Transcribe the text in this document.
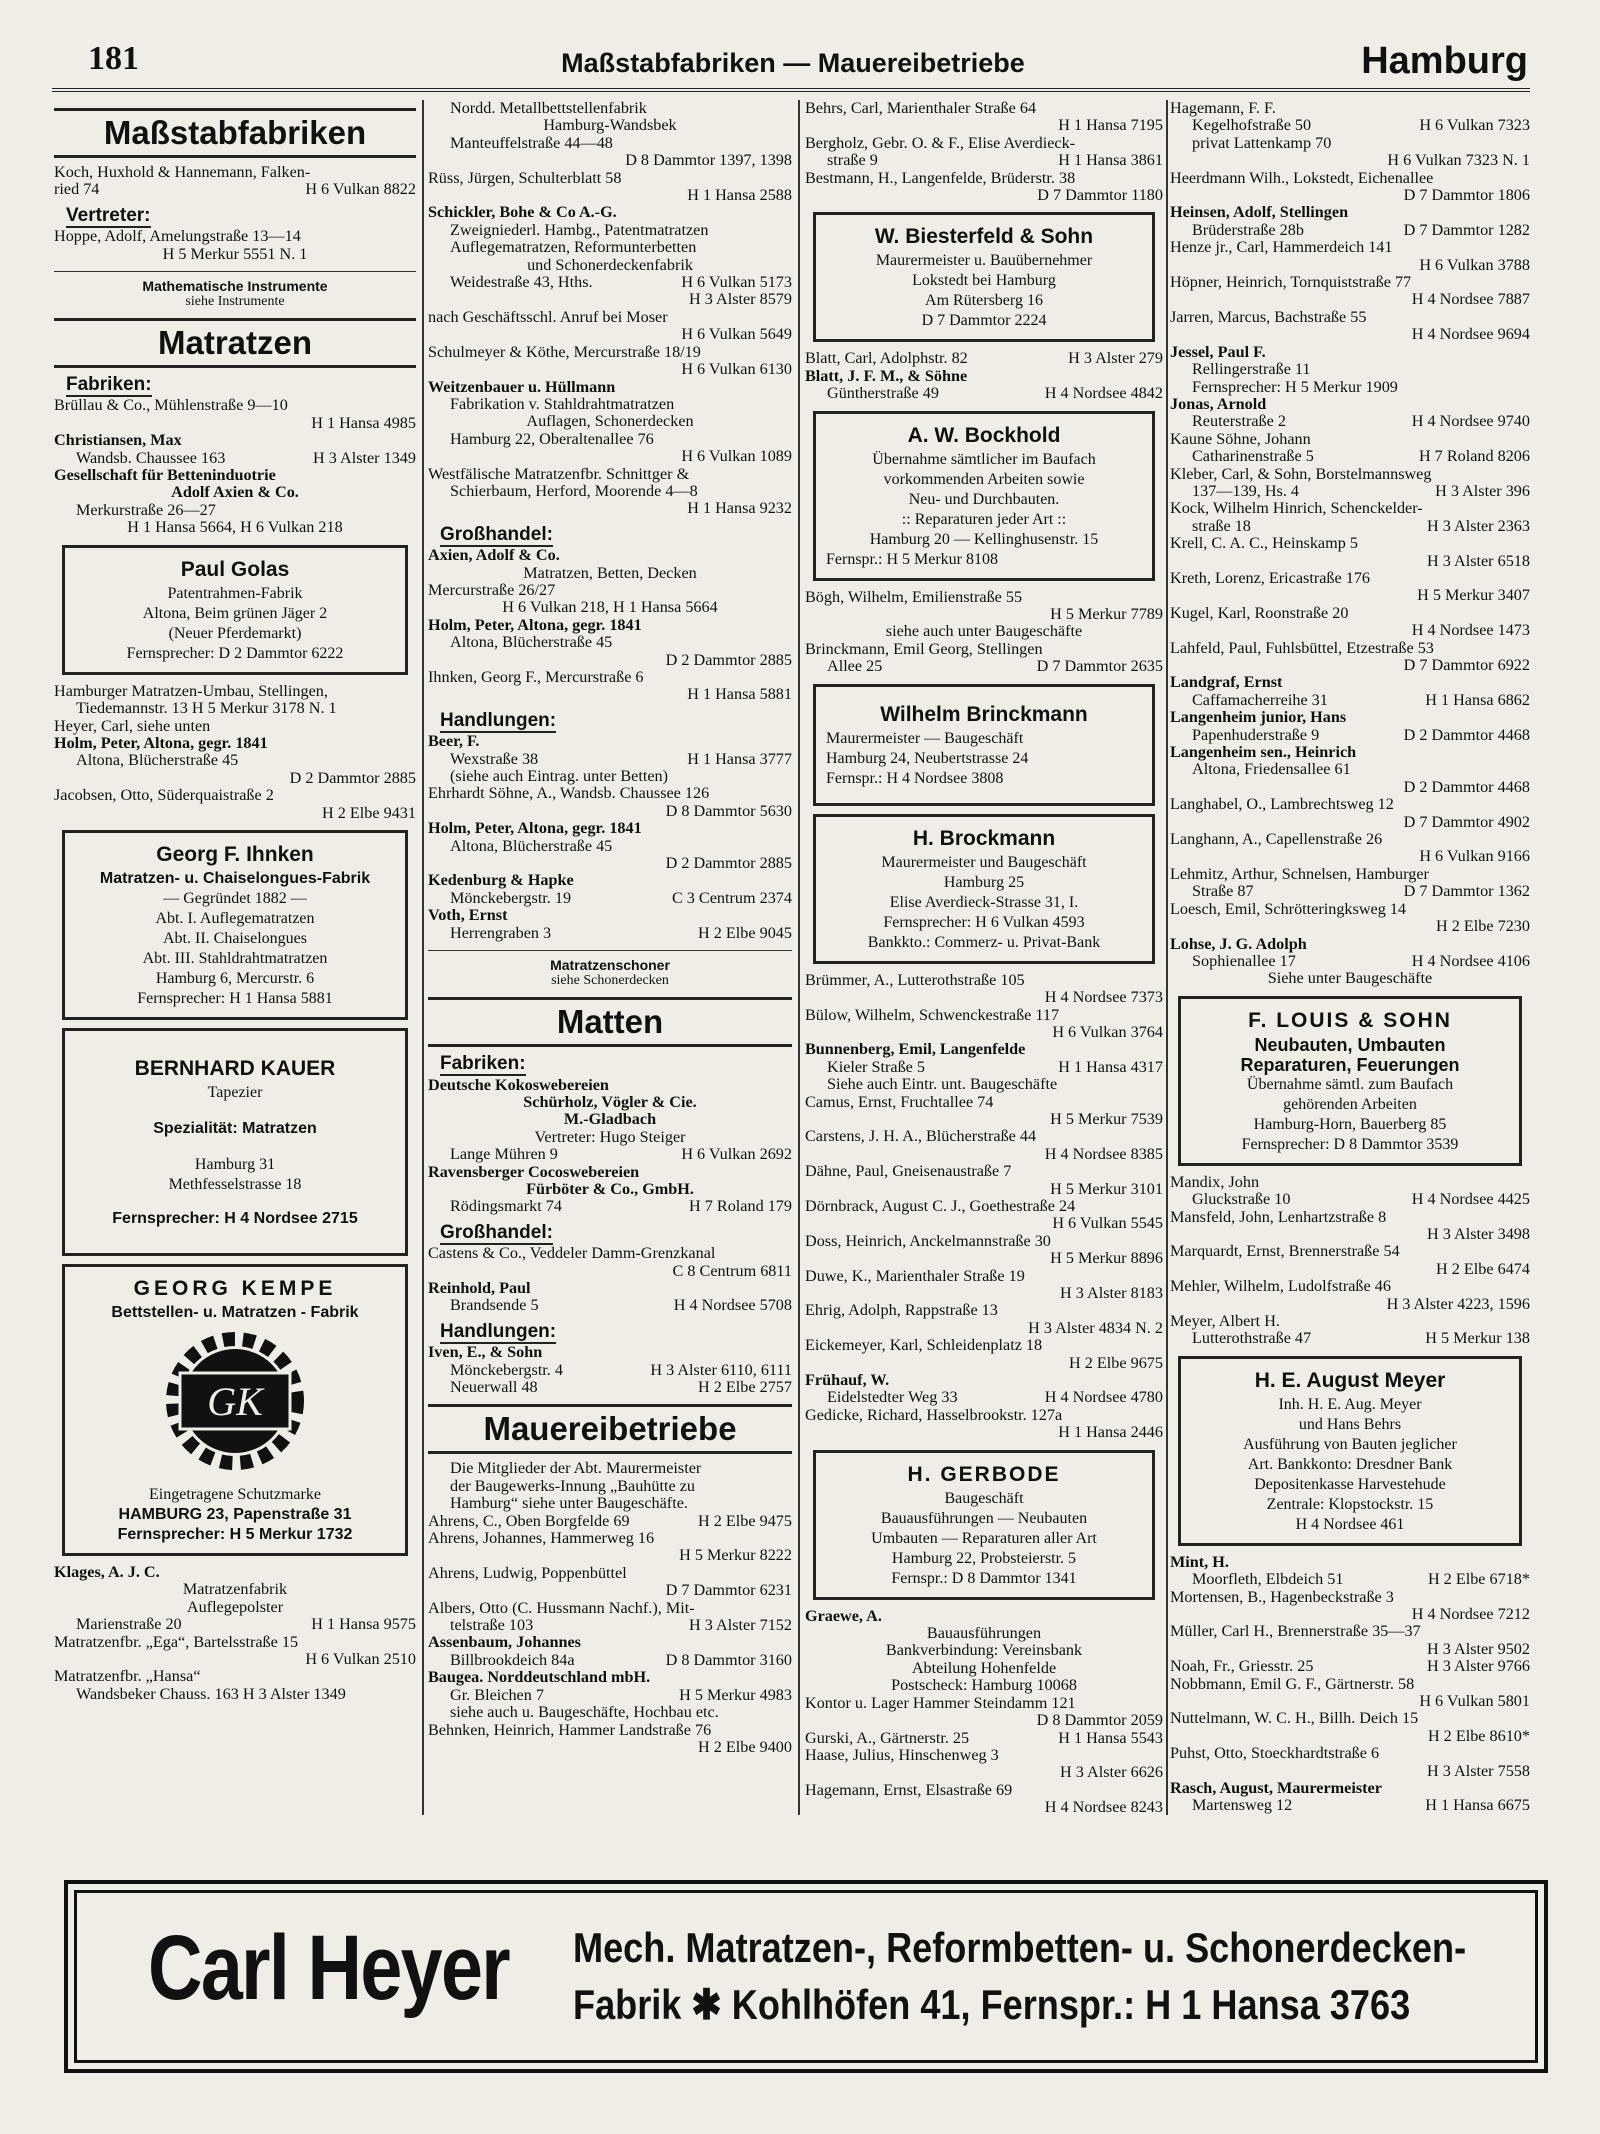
181	Maßstabfabriken — Mauereibetriebe	Hamburg
Maßstabfabriken
Koch, Huxhold & Hannemann, Falken-
ried 74	H 6 Vulkan 8822
Vertreter:
Hoppe, Adolf, Amelungstraße 13—14
H 5 Merkur 5551 N. 1
Mathematische Instrumente
siehe Instrumente
Matratzen
Fabriken:
Brüllau & Co., Mühlenstraße 9—10
H 1 Hansa 4985

Christiansen, Max
Wandsb. Chaussee 163	H 3 Alster 1349
Gesellschaft für Betteninduotrie
Adolf Axien & Co.
Merkurstraße 26—27
H 1 Hansa 5664, H 6 Vulkan 218
Paul Golas
Patentrahmen-Fabrik
Altona, Beim grünen Jäger 2
(Neuer Pferdemarkt)
Fernsprecher: D 2 Dammtor 6222
Hamburger Matratzen-Umbau, Stellingen,
Tiedemannstr. 13 H 5 Merkur 3178 N. 1
Heyer, Carl, siehe unten
Holm, Peter, Altona, gegr. 1841
Altona, Blücherstraße 45
D 2 Dammtor 2885

Jacobsen, Otto, Süderquaistraße 2
H 2 Elbe 9431

Georg F. Ihnken
Matratzen- u. Chaiselongues-Fabrik
— Gegründet 1882 —
Abt. I. Auflegematratzen
Abt. II. Chaiselongues
Abt. III. Stahldrahtmatratzen
Hamburg 6, Mercurstr. 6
Fernsprecher: H 1 Hansa 5881
BERNHARD KAUER
Tapezier
Spezialität: Matratzen
Hamburg 31
Methfesselstrasse 18
Fernsprecher: H 4 Nordsee 2715
GEORG KEMPE
Bettstellen- u. Matratzen - Fabrik
GK
Eingetragene Schutzmarke
HAMBURG 23, Papenstraße 31
Fernsprecher: H 5 Merkur 1732
Klages, A. J. C.
Matratzenfabrik
Auflegepolster
Marienstraße 20	H 1 Hansa 9575
Matratzenfbr. „Ega“, Bartelsstraße 15
H 6 Vulkan 2510

Matratzenfbr. „Hansa“
Wandsbeker Chauss. 163 H 3 Alster 1349
Nordd. Metallbettstellenfabrik
Hamburg-Wandsbek
Manteuffelstraße 44—48
D 8 Dammtor 1397, 1398

Rüss, Jürgen, Schulterblatt 58
H 1 Hansa 2588

Schickler, Bohe & Co A.-G.
Zweigniederl. Hambg., Patentmatratzen
Auflegematratzen, Reformunterbetten
und Schonerdeckenfabrik
Weidestraße 43, Hths.	H 6 Vulkan 5173
H 3 Alster 8579

nach Geschäftsschl. Anruf bei Moser
H 6 Vulkan 5649

Schulmeyer & Köthe, Mercurstraße 18/19
H 6 Vulkan 6130

Weitzenbauer u. Hüllmann
Fabrikation v. Stahldrahtmatratzen
Auflagen, Schonerdecken
Hamburg 22, Oberaltenallee 76
H 6 Vulkan 1089

Westfälische Matratzenfbr. Schnittger &
Schierbaum, Herford, Moorende 4—8
H 1 Hansa 9232

Großhandel:
Axien, Adolf & Co.
Matratzen, Betten, Decken
Mercurstraße 26/27
H 6 Vulkan 218, H 1 Hansa 5664
Holm, Peter, Altona, gegr. 1841
Altona, Blücherstraße 45
D 2 Dammtor 2885

Ihnken, Georg F., Mercurstraße 6
H 1 Hansa 5881

Handlungen:
Beer, F.
Wexstraße 38	H 1 Hansa 3777
(siehe auch Eintrag. unter Betten)
Ehrhardt Söhne, A., Wandsb. Chaussee 126
D 8 Dammtor 5630

Holm, Peter, Altona, gegr. 1841
Altona, Blücherstraße 45
D 2 Dammtor 2885

Kedenburg & Hapke
Mönckebergstr. 19	C 3 Centrum 2374
Voth, Ernst
Herrengraben 3	H 2 Elbe 9045
Matratzenschoner
siehe Schonerdecken
Matten
Fabriken:
Deutsche Kokoswebereien
Schürholz, Vögler & Cie.
M.-Gladbach
Vertreter: Hugo Steiger
Lange Mühren 9	H 6 Vulkan 2692
Ravensberger Cocoswebereien
Fürböter & Co., GmbH.
Rödingsmarkt 74	H 7 Roland 179
Großhandel:
Castens & Co., Veddeler Damm-Grenzkanal
C 8 Centrum 6811

Reinhold, Paul
Brandsende 5	H 4 Nordsee 5708
Handlungen:
Iven, E., & Sohn
Mönckebergstr. 4	H 3 Alster 6110, 6111
Neuerwall 48	H 2 Elbe 2757
Mauereibetriebe
Die Mitglieder der Abt. Maurermeister
der Baugewerks-Innung „Bauhütte zu
Hamburg“ siehe unter Baugeschäfte.
Ahrens, C., Oben Borgfelde 69	H 2 Elbe 9475
Ahrens, Johannes, Hammerweg 16
H 5 Merkur 8222

Ahrens, Ludwig, Poppenbüttel
D 7 Dammtor 6231

Albers, Otto (C. Hussmann Nachf.), Mit-
telstraße 103	H 3 Alster 7152
Assenbaum, Johannes
Billbrookdeich 84a	D 8 Dammtor 3160
Baugea. Norddeutschland mbH.
Gr. Bleichen 7	H 5 Merkur 4983
siehe auch u. Baugeschäfte, Hochbau etc.
Behnken, Heinrich, Hammer Landstraße 76
H 2 Elbe 9400

Behrs, Carl, Marienthaler Straße 64
H 1 Hansa 7195

Bergholz, Gebr. O. & F., Elise Averdieck-
straße 9	H 1 Hansa 3861
Bestmann, H., Langenfelde, Brüderstr. 38
D 7 Dammtor 1180

W. Biesterfeld & Sohn
Maurermeister u. Bauübernehmer
Lokstedt bei Hamburg
Am Rütersberg 16
D 7 Dammtor 2224
Blatt, Carl, Adolphstr. 82	H 3 Alster 279
Blatt, J. F. M., & Söhne
Güntherstraße 49	H 4 Nordsee 4842
A. W. Bockhold
Übernahme sämtlicher im Baufach
vorkommenden Arbeiten sowie
Neu- und Durchbauten.
:: Reparaturen jeder Art ::
Hamburg 20 — Kellinghusenstr. 15
Fernspr.: H 5 Merkur 8108
Bögh, Wilhelm, Emilienstraße 55
H 5 Merkur 7789

siehe auch unter Baugeschäfte
Brinckmann, Emil Georg, Stellingen
Allee 25	D 7 Dammtor 2635
Wilhelm Brinckmann
Maurermeister — Baugeschäft
Hamburg 24, Neubertstrasse 24
Fernspr.: H 4 Nordsee 3808
H. Brockmann
Maurermeister und Baugeschäft
Hamburg 25
Elise Averdieck-Strasse 31, I.
Fernsprecher: H 6 Vulkan 4593
Bankkto.: Commerz- u. Privat-Bank
Brümmer, A., Lutterothstraße 105
H 4 Nordsee 7373

Bülow, Wilhelm, Schwenckestraße 117
H 6 Vulkan 3764

Bunnenberg, Emil, Langenfelde
Kieler Straße 5	H 1 Hansa 4317
Siehe auch Eintr. unt. Baugeschäfte
Camus, Ernst, Fruchtallee 74
H 5 Merkur 7539

Carstens, J. H. A., Blücherstraße 44
H 4 Nordsee 8385

Dähne, Paul, Gneisenaustraße 7
H 5 Merkur 3101

Dörnbrack, August C. J., Goethestraße 24
H 6 Vulkan 5545

Doss, Heinrich, Anckelmannstraße 30
H 5 Merkur 8896

Duwe, K., Marienthaler Straße 19
H 3 Alster 8183

Ehrig, Adolph, Rappstraße 13
H 3 Alster 4834 N. 2

Eickemeyer, Karl, Schleidenplatz 18
H 2 Elbe 9675

Frühauf, W.
Eidelstedter Weg 33	H 4 Nordsee 4780
Gedicke, Richard, Hasselbrookstr. 127a
H 1 Hansa 2446

H. GERBODE
Baugeschäft
Bauausführungen — Neubauten
Umbauten — Reparaturen aller Art
Hamburg 22, Probsteierstr. 5
Fernspr.: D 8 Dammtor 1341
Graewe, A.
Bauausführungen
Bankverbindung: Vereinsbank
Abteilung Hohenfelde
Postscheck: Hamburg 10068
Kontor u. Lager Hammer Steindamm 121
D 8 Dammtor 2059

Gurski, A., Gärtnerstr. 25	H 1 Hansa 5543
Haase, Julius, Hinschenweg 3
H 3 Alster 6626

Hagemann, Ernst, Elsastraße 69
H 4 Nordsee 8243

Hagemann, F. F.
Kegelhofstraße 50	H 6 Vulkan 7323
privat Lattenkamp 70
H 6 Vulkan 7323 N. 1

Heerdmann Wilh., Lokstedt, Eichenallee
D 7 Dammtor 1806

Heinsen, Adolf, Stellingen
Brüderstraße 28b	D 7 Dammtor 1282
Henze jr., Carl, Hammerdeich 141
H 6 Vulkan 3788

Höpner, Heinrich, Tornquiststraße 77
H 4 Nordsee 7887

Jarren, Marcus, Bachstraße 55
H 4 Nordsee 9694

Jessel, Paul F.
Rellingerstraße 11
Fernsprecher: H 5 Merkur 1909
Jonas, Arnold
Reuterstraße 2	H 4 Nordsee 9740
Kaune Söhne, Johann
Catharinenstraße 5	H 7 Roland 8206
Kleber, Carl, & Sohn, Borstelmannsweg
137—139, Hs. 4	H 3 Alster 396
Kock, Wilhelm Hinrich, Schenckelder-
straße 18	H 3 Alster 2363
Krell, C. A. C., Heinskamp 5
H 3 Alster 6518

Kreth, Lorenz, Ericastraße 176
H 5 Merkur 3407

Kugel, Karl, Roonstraße 20
H 4 Nordsee 1473

Lahfeld, Paul, Fuhlsbüttel, Etzestraße 53
D 7 Dammtor 6922

Landgraf, Ernst
Caffamacherreihe 31	H 1 Hansa 6862
Langenheim junior, Hans
Papenhuderstraße 9	D 2 Dammtor 4468
Langenheim sen., Heinrich
Altona, Friedensallee 61
D 2 Dammtor 4468

Langhabel, O., Lambrechtsweg 12
D 7 Dammtor 4902

Langhann, A., Capellenstraße 26
H 6 Vulkan 9166

Lehmitz, Arthur, Schnelsen, Hamburger
Straße 87	D 7 Dammtor 1362
Loesch, Emil, Schrötteringksweg 14
H 2 Elbe 7230

Lohse, J. G. Adolph
Sophienallee 17	H 4 Nordsee 4106
Siehe unter Baugeschäfte
F. LOUIS & SOHN
Neubauten, Umbauten
Reparaturen, Feuerungen
Übernahme sämtl. zum Baufach
gehörenden Arbeiten
Hamburg-Horn, Bauerberg 85
Fernsprecher: D 8 Dammtor 3539
Mandix, John
Gluckstraße 10	H 4 Nordsee 4425
Mansfeld, John, Lenhartzstraße 8
H 3 Alster 3498

Marquardt, Ernst, Brennerstraße 54
H 2 Elbe 6474

Mehler, Wilhelm, Ludolfstraße 46
H 3 Alster 4223, 1596

Meyer, Albert H.
Lutterothstraße 47	H 5 Merkur 138
H. E. August Meyer
Inh. H. E. Aug. Meyer
und Hans Behrs
Ausführung von Bauten jeglicher
Art. Bankkonto: Dresdner Bank
Depositenkasse Harvestehude
Zentrale: Klopstockstr. 15
H 4 Nordsee 461
Mint, H.
Moorfleth, Elbdeich 51	H 2 Elbe 6718*
Mortensen, B., Hagenbeckstraße 3
H 4 Nordsee 7212

Müller, Carl H., Brennerstraße 35—37
H 3 Alster 9502

Noah, Fr., Griesstr. 25	H 3 Alster 9766
Nobbmann, Emil G. F., Gärtnerstr. 58
H 6 Vulkan 5801

Nuttelmann, W. C. H., Billh. Deich 15
H 2 Elbe 8610*

Puhst, Otto, Stoeckhardtstraße 6
H 3 Alster 7558

Rasch, August, Maurermeister
Martensweg 12	H 1 Hansa 6675

Carl Heyer Mech. Matratzen-, Reformbetten- u. Schonerdecken-
Fabrik ✱ Kohlhöfen 41, Fernspr.: H 1 Hansa 3763
